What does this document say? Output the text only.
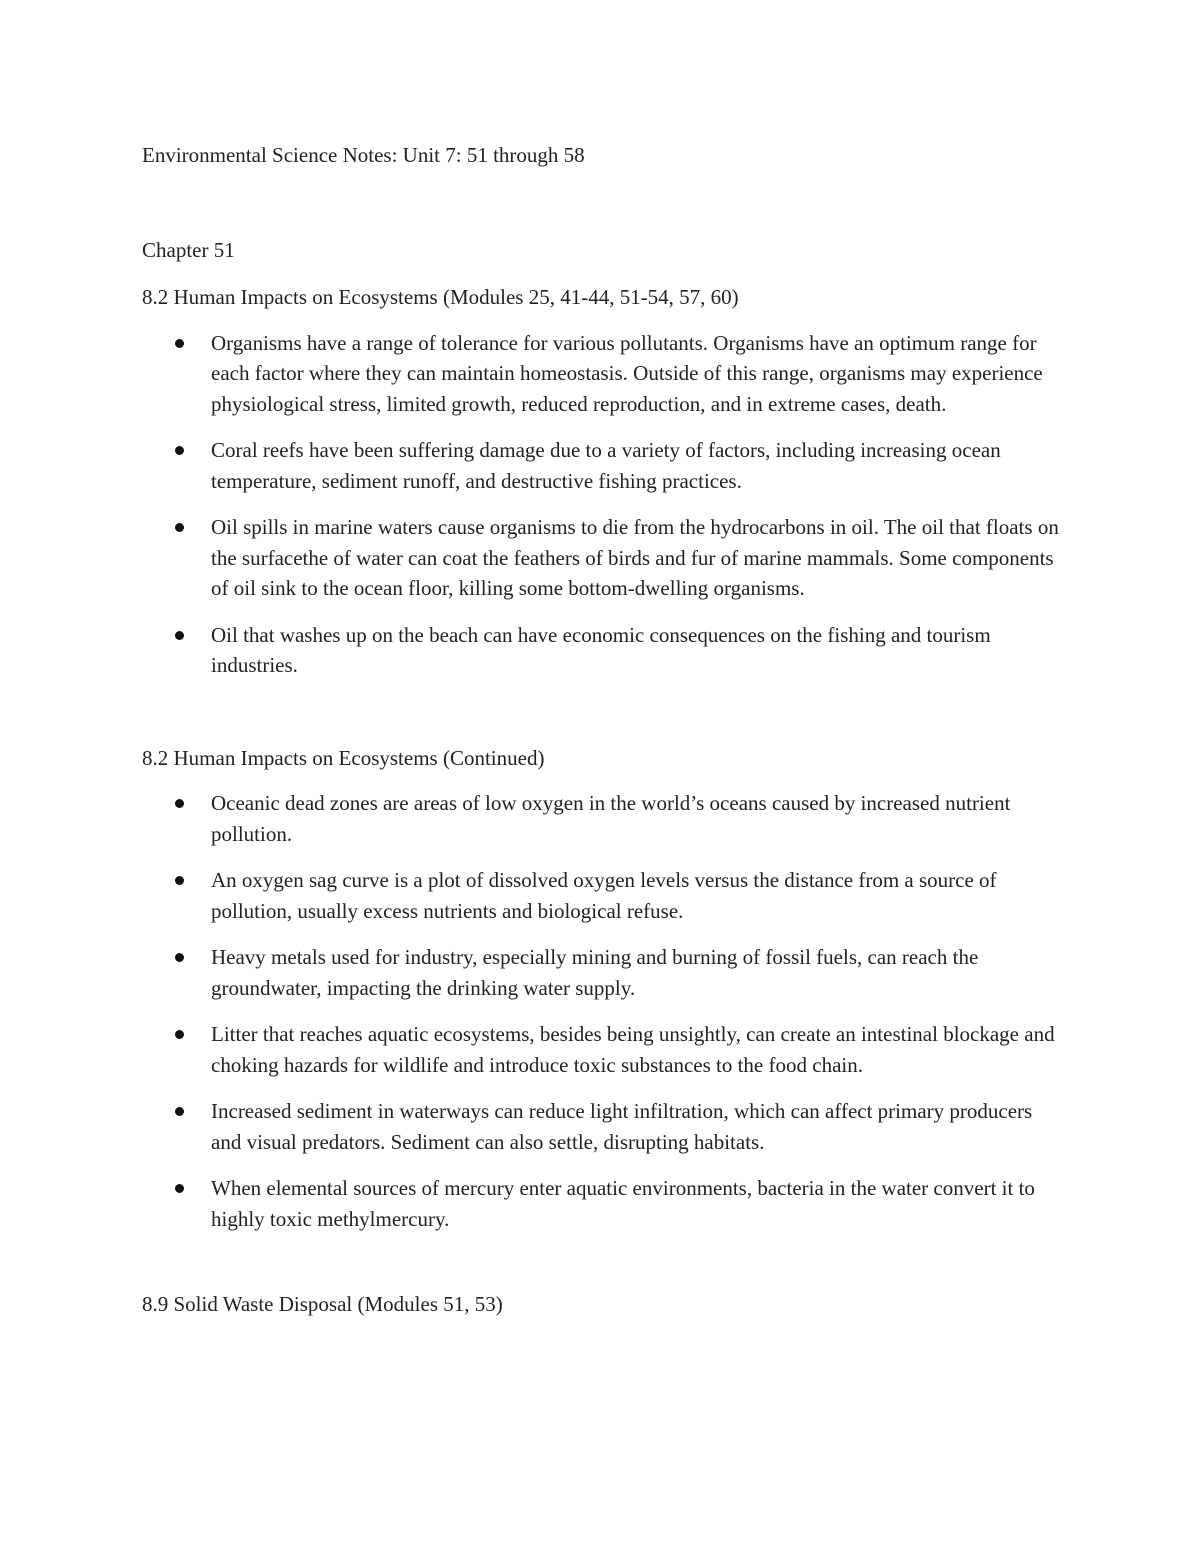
Environmental Science Notes: Unit 7: 51 through 58

Chapter 51

8.2 Human Impacts on Ecosystems (Modules 25, 41-44, 51-54, 57, 60)

Organisms have a range of tolerance for various pollutants. Organisms have an optimum range for each factor where they can maintain homeostasis. Outside of this range, organisms may experience physiological stress, limited growth, reduced reproduction, and in extreme cases, death.
Coral reefs have been suffering damage due to a variety of factors, including increasing ocean temperature, sediment runoff, and destructive fishing practices.
Oil spills in marine waters cause organisms to die from the hydrocarbons in oil. The oil that floats on the surfacethe of water can coat the feathers of birds and fur of marine mammals. Some components of oil sink to the ocean floor, killing some bottom-dwelling organisms.
Oil that washes up on the beach can have economic consequences on the fishing and tourism industries.

8.2 Human Impacts on Ecosystems (Continued)

Oceanic dead zones are areas of low oxygen in the world’s oceans caused by increased nutrient pollution.
An oxygen sag curve is a plot of dissolved oxygen levels versus the distance from a source of pollution, usually excess nutrients and biological refuse.
Heavy metals used for industry, especially mining and burning of fossil fuels, can reach the groundwater, impacting the drinking water supply.
Litter that reaches aquatic ecosystems, besides being unsightly, can create an intestinal blockage and choking hazards for wildlife and introduce toxic substances to the food chain.
Increased sediment in waterways can reduce light infiltration, which can affect primary producers and visual predators. Sediment can also settle, disrupting habitats.
When elemental sources of mercury enter aquatic environments, bacteria in the water convert it to highly toxic methylmercury.

8.9 Solid Waste Disposal (Modules 51, 53)
